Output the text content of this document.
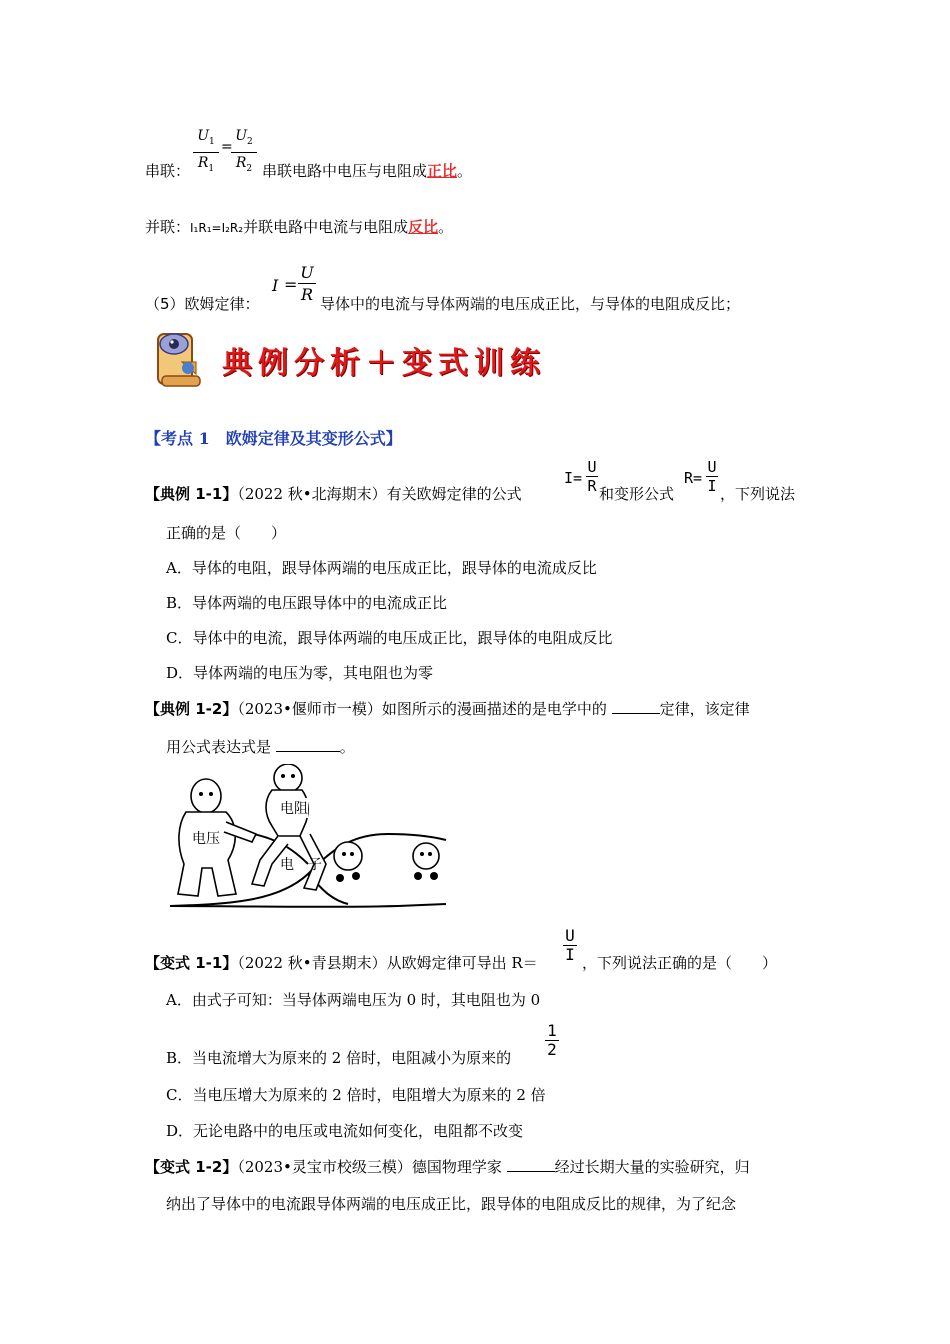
串联： $\frac{U_1}{R_1}$ =
$\frac{U_2}{R_2}$ 串联电路中电压与电阻成正比。
并联：I₁R₁=I₂R₂并联电路中电流与电阻成反比。
（5）欧姆定律：
$I = \frac{U}{R}$ 导体中的电流与导体两端的电压成正比，与导体的电阻成反比；
典例分析＋变式训练
【考点 1　欧姆定律及其变形公式】
【典例 1-1】（2022 秋•北海期末）有关欧姆定律的公式
$I= \frac{U}{R}$ 和变形公式
$R= \frac{U}{I}$ ，下列说法
正确的是（　　）
A．导体的电阻，跟导体两端的电压成正比，跟导体的电流成反比
B．导体两端的电压跟导体中的电流成正比
C．导体中的电流，跟导体两端的电压成正比，跟导体的电阻成反比
D．导体两端的电压为零，其电阻也为零
【典例 1-2】（2023•偃师市一模）如图所示的漫画描述的是电学中的	定律，该定律
用公式表达式是	。
电压
电阻
电　子
【变式 1-1】（2022 秋•青县期末）从欧姆定律可导出 $R= \frac{U}{I}$ ，下列说法正确的是（　　）
A．由式子可知：当导体两端电压为 0 时，其电阻也为 0
B．当电流增大为原来的 2 倍时，电阻减小为原来的 $\frac{1}{2}$
C．当电压增大为原来的 2 倍时，电阻增大为原来的 2 倍
D．无论电路中的电压或电流如何变化，电阻都不改变
【变式 1-2】（2023•灵宝市校级三模）德国物理学家	经过长期大量的实验研究，归
纳出了导体中的电流跟导体两端的电压成正比，跟导体的电阻成反比的规律，为了纪念
